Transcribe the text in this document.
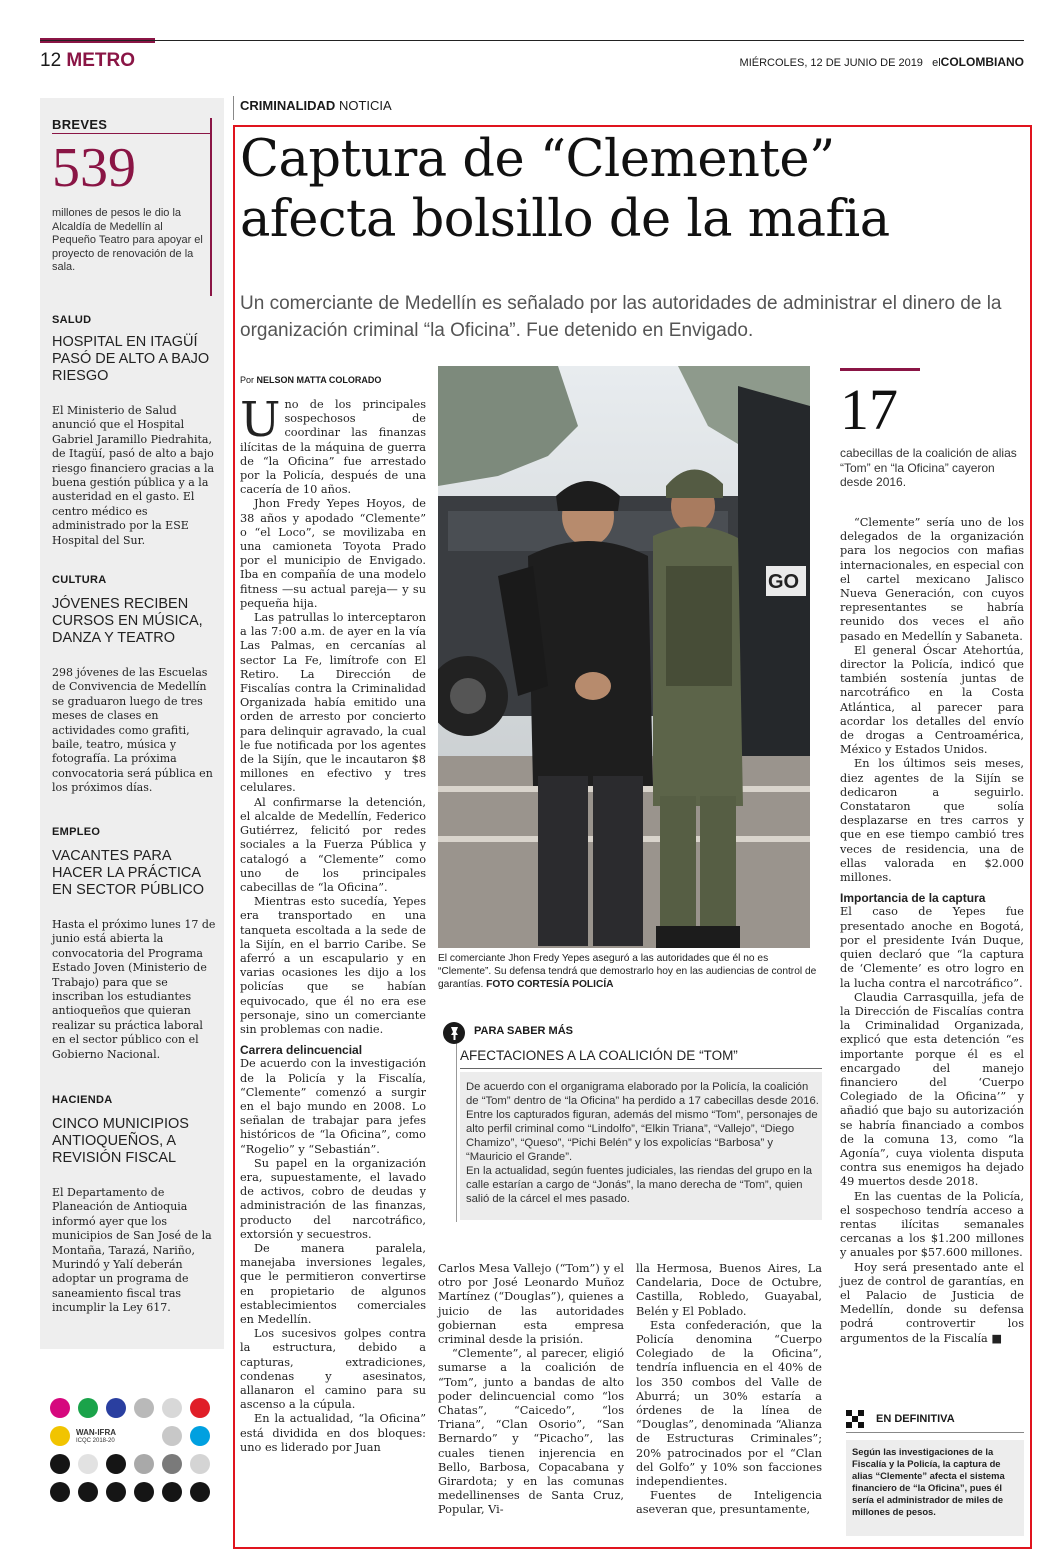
12 METRO	MIÉRCOLES, 12 DE JUNIO DE 2019 elCOLOMBIANO
BREVES
539
millones de pesos le dio la Alcaldía de Medellín al Pequeño Teatro para apoyar el proyecto de renovación de la sala.
SALUD
HOSPITAL EN ITAGÜÍ PASÓ DE ALTO A BAJO RIESGO
El Ministerio de Salud anunció que el Hospital Gabriel Jaramillo Piedrahita, de Itagüí, pasó de alto a bajo riesgo financiero gracias a la buena gestión pública y a la austeridad en el gasto. El centro médico es administrado por la ESE Hospital del Sur.
CULTURA
JÓVENES RECIBEN CURSOS EN MÚSICA, DANZA Y TEATRO
298 jóvenes de las Escuelas de Convivencia de Medellín se graduaron luego de tres meses de clases en actividades como grafiti, baile, teatro, música y fotografía. La próxima convocatoria será pública en los próximos días.
EMPLEO
VACANTES PARA HACER LA PRÁCTICA EN SECTOR PÚBLICO
Hasta el próximo lunes 17 de junio está abierta la convocatoria del Programa Estado Joven (Ministerio de Trabajo) para que se inscriban los estudiantes antioqueños que quieran realizar su práctica laboral en el sector público con el Gobierno Nacional.
HACIENDA
CINCO MUNICIPIOS ANTIOQUEÑOS, A REVISIÓN FISCAL
El Departamento de Planeación de Antioquia informó ayer que los municipios de San José de la Montaña, Tarazá, Nariño, Murindó y Yalí deberán adoptar un programa de saneamiento fiscal tras incumplir la Ley 617.
WAN-IFRA
ICQC 2018-20
CRIMINALIDAD NOTICIA
Captura de “Clemente”
afecta bolsillo de la mafia
Un comerciante de Medellín es señalado por las autoridades de administrar el dinero de la organización criminal “la Oficina”. Fue detenido en Envigado.
Por NELSON MATTA COLORADO

Uno de los principales sospechosos de coordinar las finanzas ilícitas de la máquina de guerra de “la Oficina” fue arrestado por la Policía, después de una cacería de 10 años.

Jhon Fredy Yepes Hoyos, de 38 años y apodado “Clemente” o “el Loco”, se movilizaba en una camioneta Toyota Prado por el municipio de Envigado. Iba en compañía de una modelo fitness —su actual pareja— y su pequeña hija.

Las patrullas lo interceptaron a las 7:00 a.m. de ayer en la vía Las Palmas, en cercanías al sector La Fe, limítrofe con El Retiro. La Dirección de Fiscalías contra la Criminalidad Organizada había emitido una orden de arresto por concierto para delinquir agravado, la cual le fue notificada por los agentes de la Sijín, que le incautaron $8 millones en efectivo y tres celulares.

Al confirmarse la detención, el alcalde de Medellín, Federico Gutiérrez, felicitó por redes sociales a la Fuerza Pública y catalogó a “Clemente” como uno de los principales cabecillas de “la Oficina”.

Mientras esto sucedía, Yepes era transportado en una tanqueta escoltada a la sede de la Sijín, en el barrio Caribe. Se aferró a un escapulario y en varias ocasiones les dijo a los policías que se habían equivocado, que él no era ese personaje, sino un comerciante sin problemas con nadie.

Carrera delincuencial

De acuerdo con la investigación de la Policía y la Fiscalía, “Clemente” comenzó a surgir en el bajo mundo en 2008. Lo señalan de trabajar para jefes históricos de “la Oficina”, como “Rogelio” y “Sebastián”.

Su papel en la organización era, supuestamente, el lavado de activos, cobro de deudas y administración de las finanzas, producto del narcotráfico, extorsión y secuestros.

De manera paralela, manejaba inversiones legales, que le permitieron convertirse en propietario de algunos establecimientos comerciales en Medellín.

Los sucesivos golpes contra la estructura, debido a capturas, extradiciones, condenas y asesinatos, allanaron el camino para su ascenso a la cúpula.

En la actualidad, “la Oficina” está dividida en dos bloques: uno es liderado por Juan

GO
El comerciante Jhon Fredy Yepes aseguró a las autoridades que él no es “Clemente”. Su defensa tendrá que demostrarlo hoy en las audiencias de control de garantías. FOTO CORTESÍA POLICÍA
17
cabecillas de la coalición de alias “Tom” en “la Oficina” cayeron desde 2016.

“Clemente” sería uno de los delegados de la organización para los negocios con mafias internacionales, en especial con el cartel mexicano Jalisco Nueva Generación, con cuyos representantes se habría reunido dos veces el año pasado en Medellín y Sabaneta.

El general Óscar Atehortúa, director la Policía, indicó que también sostenía juntas de narcotráfico en la Costa Atlántica, al parecer para acordar los detalles del envío de drogas a Centroamérica, México y Estados Unidos.

En los últimos seis meses, diez agentes de la Sijín se dedicaron a seguirlo. Constataron que solía desplazarse en tres carros y que en ese tiempo cambió tres veces de residencia, una de ellas valorada en $2.000 millones.

Importancia de la captura

El caso de Yepes fue presentado anoche en Bogotá, por el presidente Iván Duque, quien declaró que “la captura de ‘Clemente’ es otro logro en la lucha contra el narcotráfico”.

Claudia Carrasquilla, jefa de la Dirección de Fiscalías contra la Criminalidad Organizada, explicó que esta detención “es importante porque él es el encargado del manejo financiero del ‘Cuerpo Colegiado de la Oficina’” y añadió que bajo su autorización se habría financiado a combos de la comuna 13, como “la Agonía”, cuya violenta disputa contra sus enemigos ha dejado 49 muertos desde 2018.

En las cuentas de la Policía, el sospechoso tendría acceso a rentas ilícitas semanales cercanas a los $1.200 millones y anuales por $57.600 millones.

Hoy será presentado ante el juez de control de garantías, en el Palacio de Justicia de Medellín, donde su defensa podrá controvertir los argumentos de la Fiscalía ■

PARA SABER MÁS
AFECTACIONES A LA COALICIÓN DE “TOM”

De acuerdo con el organigrama elaborado por la Policía, la coalición de “Tom” dentro de “la Oficina” ha perdido a 17 cabecillas desde 2016.

Entre los capturados figuran, además del mismo “Tom”, personajes de alto perfil criminal como “Lindolfo”, “Elkin Triana”, “Vallejo”, “Diego Chamizo”, “Queso”, “Pichi Belén” y los expolicías “Barbosa” y “Mauricio el Grande”.

En la actualidad, según fuentes judiciales, las riendas del grupo en la calle estarían a cargo de “Jonás”, la mano derecha de “Tom”, quien salió de la cárcel el mes pasado.

Carlos Mesa Vallejo (“Tom”) y el otro por José Leonardo Muñoz Martínez (“Douglas”), quienes a juicio de las autoridades gobiernan esta empresa criminal desde la prisión.

“Clemente”, al parecer, eligió sumarse a la coalición de “Tom”, junto a bandas de alto poder delincuencial como “los Chatas”, “Caicedo”, “los Triana”, “Clan Osorio”, “San Bernardo” y “Picacho”, las cuales tienen injerencia en Bello, Barbosa, Copacabana y Girardota; y en las comunas medellinenses de Santa Cruz, Popular, Vi-

lla Hermosa, Buenos Aires, La Candelaria, Doce de Octubre, Castilla, Robledo, Guayabal, Belén y El Poblado.

Esta confederación, que la Policía denomina “Cuerpo Colegiado de la Oficina”, tendría influencia en el 40% de los 350 combos del Valle de Aburrá; un 30% estaría a órdenes de la línea de “Douglas”, denominada “Alianza de Estructuras Criminales”; 20% patrocinados por el “Clan del Golfo” y 10% son facciones independientes.

Fuentes de Inteligencia aseveran que, presuntamente,

EN DEFINITIVA
Según las investigaciones de la Fiscalía y la Policía, la captura de alias “Clemente” afecta el sistema financiero de “la Oficina”, pues él sería el administrador de miles de millones de pesos.
